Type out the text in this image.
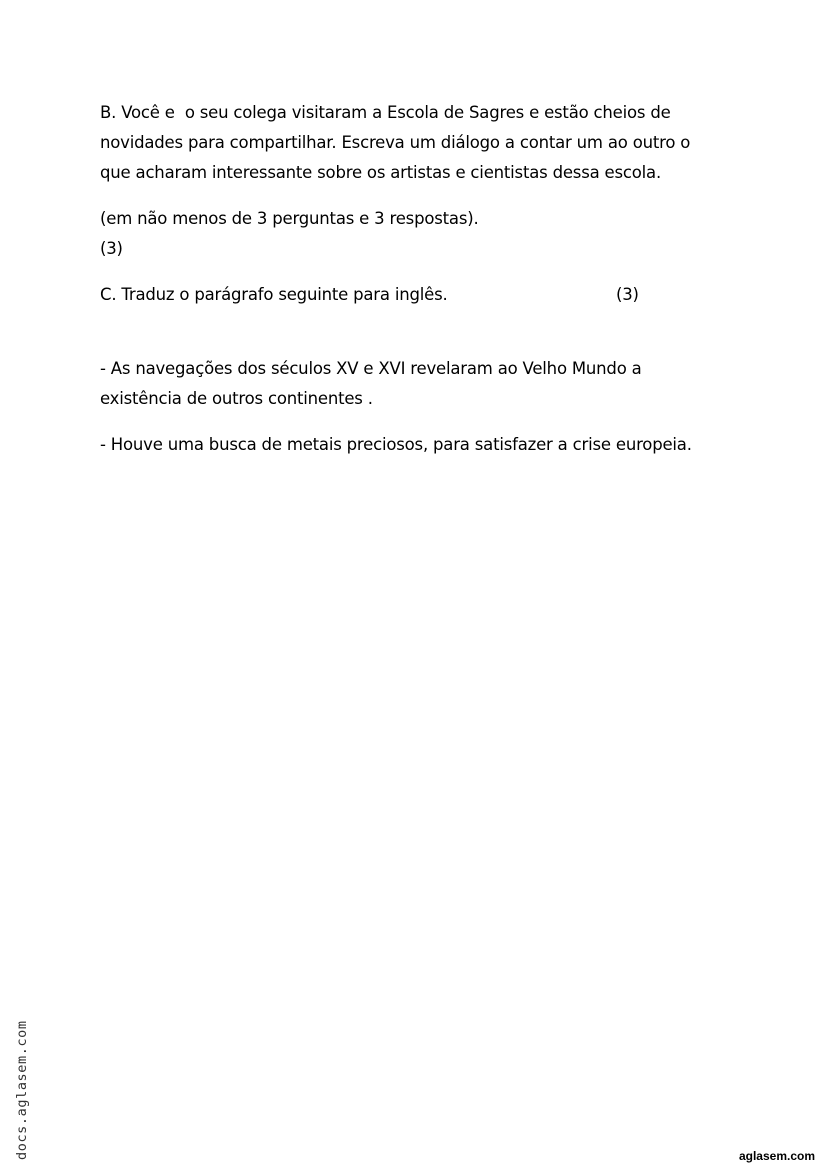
B. Você e  o seu colega visitaram a Escola de Sagres e estão cheios de

novidades para compartilhar. Escreva um diálogo a contar um ao outro o

que acharam interessante sobre os artistas e cientistas dessa escola.

(em não menos de 3 perguntas e 3 respostas).

(3)

C. Traduz o parágrafo seguinte para inglês.	(3)

- As navegações dos séculos XV e XVI revelaram ao Velho Mundo a

existência de outros continentes .

- Houve uma busca de metais preciosos, para satisfazer a crise europeia.

docs.aglasem.com	aglasem.com
